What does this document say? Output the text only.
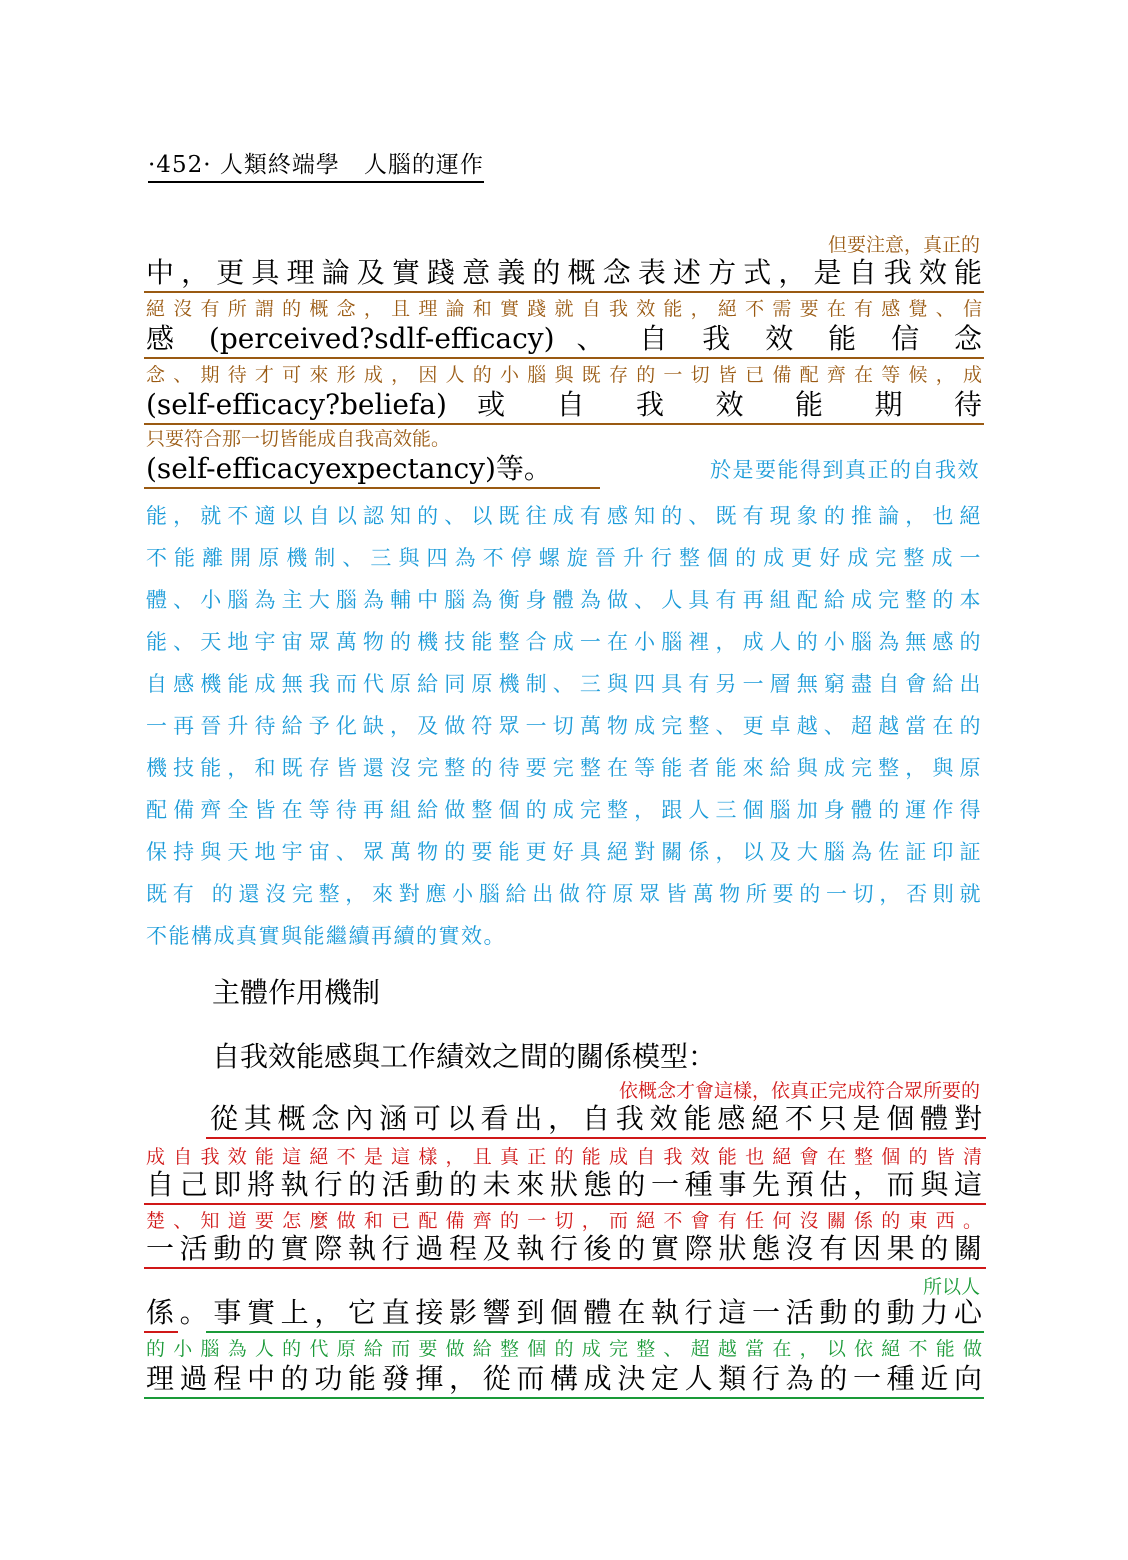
·452· 人類終端學　人腦的運作
但要注意，真正的
中，更具理論及實踐意義的概念表述方式，是自我效能
絕沒有所謂的概念，且理論和實踐就自我效能，絕不需要在有感覺、信
感 (perceived?sdlf-efficacy) 、 自 我 效 能 信 念
念、期待才可來形成，因人的小腦與既存的一切皆已備配齊在等候，成
(self-efficacy?beliefa) 或 自 我 效 能 期 待
只要符合那一切皆能成自我高效能。
(self-efficacyexpectancy)等。	於是要能得到真正的自我效
能，就不適以自以認知的、以既往成有感知的、既有現象的推論，也絕
不能離開原機制、三與四為不停螺旋晉升行整個的成更好成完整成一
體、小腦為主大腦為輔中腦為衡身體為做、人具有再組配給成完整的本
能、天地宇宙眾萬物的機技能整合成一在小腦裡，成人的小腦為無感的
自感機能成無我而代原給同原機制、三與四具有另一層無窮盡自會給出
一再晉升待給予化缺，及做符眾一切萬物成完整、更卓越、超越當在的
機技能，和既存皆還沒完整的待要完整在等能者能來給與成完整，與原
配備齊全皆在等待再組給做整個的成完整，跟人三個腦加身體的運作得
保持與天地宇宙、眾萬物的要能更好具絕對關係，以及大腦為佐証印証
既有 的還沒完整，來對應小腦給出做符原眾皆萬物所要的一切，否則就
不能構成真實與能繼續再續的實效。
主體作用機制
自我效能感與工作績效之間的關係模型：
依概念才會這樣，依真正完成符合眾所要的
從其概念內涵可以看出，自我效能感絕不只是個體對
成自我效能這絕不是這樣，且真正的能成自我效能也絕會在整個的皆清
自己即將執行的活動的未來狀態的一種事先預估，而與這
楚、知道要怎麼做和已配備齊的一切，而絕不會有任何沒關係的東西。
一活動的實際執行過程及執行後的實際狀態沒有因果的關
所以人
係。事實上，它直接影響到個體在執行這一活動的動力心
的小腦為人的代原給而要做給整個的成完整、超越當在，以依絕不能做
理過程中的功能發揮，從而構成決定人類行為的一種近向
